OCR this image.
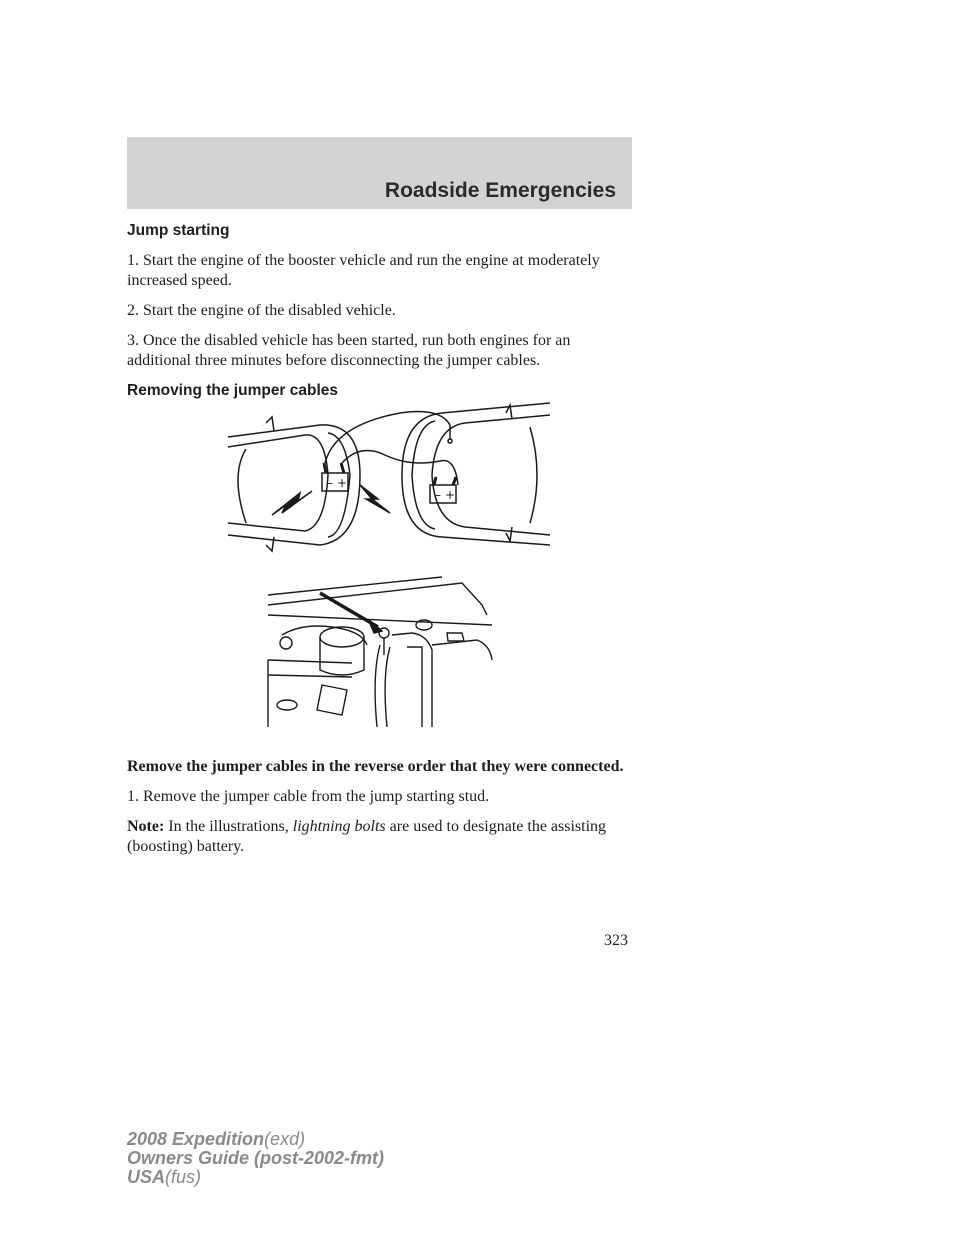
Roadside Emergencies
Jump starting
1. Start the engine of the booster vehicle and run the engine at moderately increased speed.
2. Start the engine of the disabled vehicle.
3. Once the disabled vehicle has been started, run both engines for an additional three minutes before disconnecting the jumper cables.
Removing the jumper cables
– +
– +
Remove the jumper cables in the reverse order that they were connected.
1. Remove the jumper cable from the jump starting stud.
Note: In the illustrations, lightning bolts are used to designate the assisting (boosting) battery.
323
2008 Expedition(exd)
Owners Guide (post-2002-fmt)
USA(fus)
